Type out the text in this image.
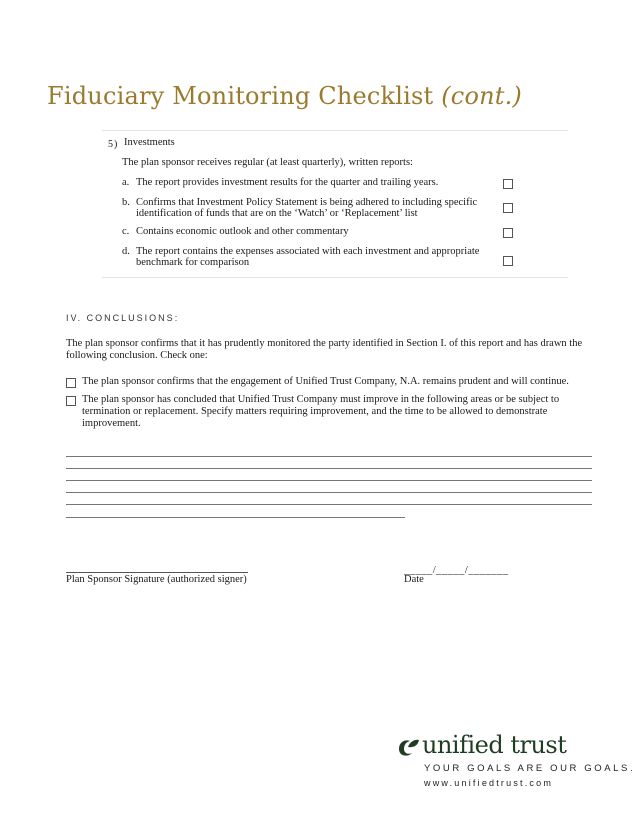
Fiduciary Monitoring Checklist (cont.)
5) Investments
The plan sponsor receives regular (at least quarterly), written reports:
a. The report provides investment results for the quarter and trailing years.
b. Confirms that Investment Policy Statement is being adhered to including specific identification of funds that are on the ‘Watch’ or ‘Replacement’ list
c. Contains economic outlook and other commentary
d. The report contains the expenses associated with each investment and appropriate benchmark for comparison
IV. CONCLUSIONS:
The plan sponsor confirms that it has prudently monitored the party identified in Section I. of this report and has drawn the following conclusion. Check one:
The plan sponsor confirms that the engagement of Unified Trust Company, N.A. remains prudent and will continue.
The plan sponsor has concluded that Unified Trust Company must improve in the following areas or be subject to termination or replacement. Specify matters requiring improvement, and the time to be allowed to demonstrate improvement.
Plan Sponsor Signature (authorized signer)
_____/_____/_______
Date
unified trust
YOUR GOALS ARE OUR GOALS.
www.unifiedtrust.com
